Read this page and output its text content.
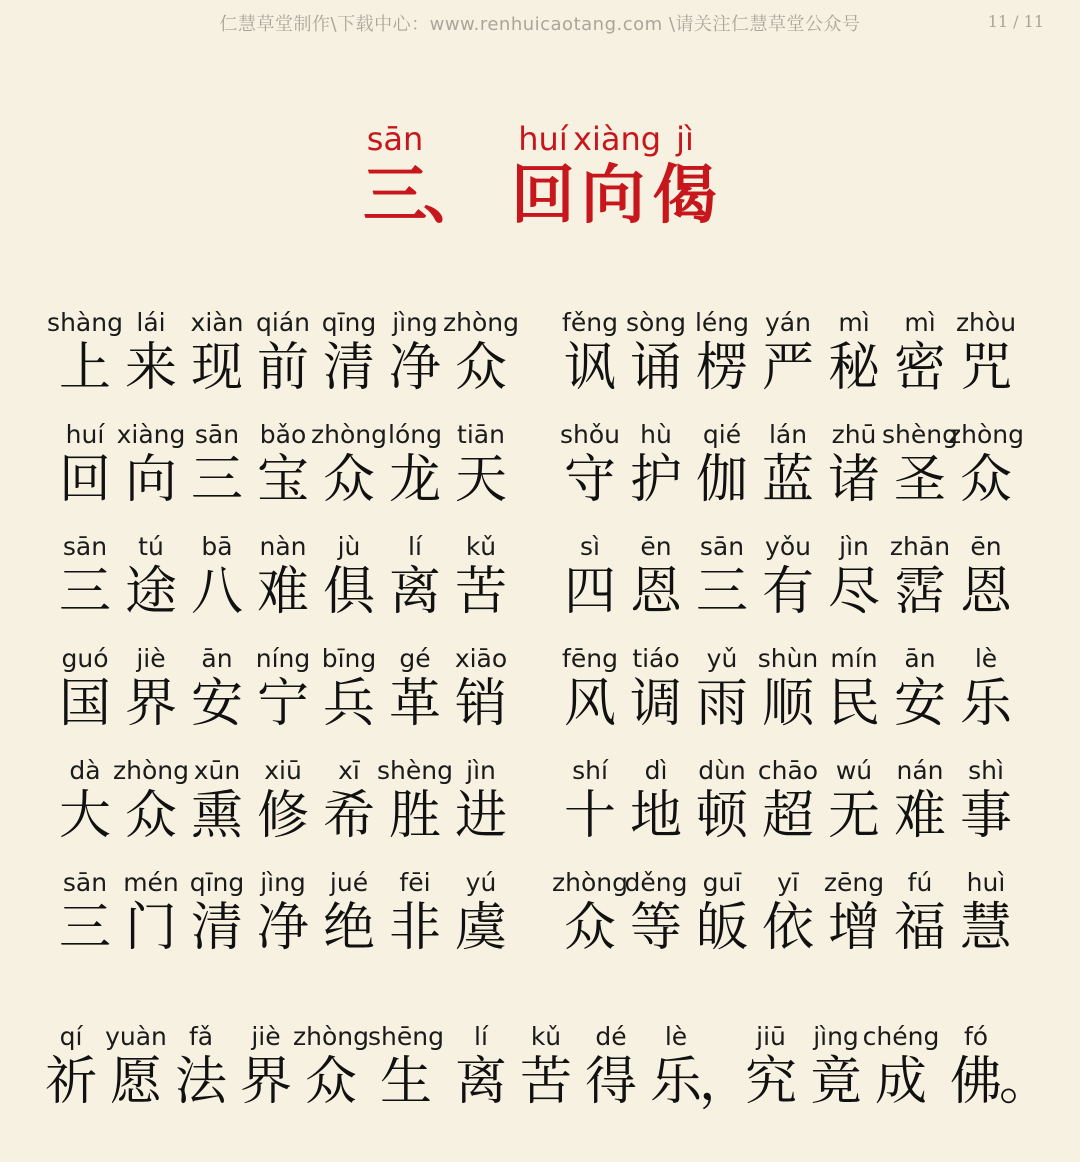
仁慧草堂制作\下载中心：www.renhuicaotang.com \请关注仁慧草堂公众号	11 / 11
sān
三
、
huí
回
xiàng
向
jì
偈
shàng
上
lái
来
xiàn
现
qián
前
qīng
清
jìng
净
zhòng
众
fěng
讽
sòng
诵
léng
楞
yán
严
mì
秘
mì
密
zhòu
咒
huí
回
xiàng
向
sān
三
bǎo
宝
zhòng
众
lóng
龙
tiān
天
shǒu
守
hù
护
qié
伽
lán
蓝
zhū
诸
shèng
圣
zhòng
众
sān
三
tú
途
bā
八
nàn
难
jù
俱
lí
离
kǔ
苦
sì
四
ēn
恩
sān
三
yǒu
有
jìn
尽
zhān
霑
ēn
恩
guó
国
jiè
界
ān
安
níng
宁
bīng
兵
gé
革
xiāo
销
fēng
风
tiáo
调
yǔ
雨
shùn
顺
mín
民
ān
安
lè
乐
dà
大
zhòng
众
xūn
熏
xiū
修
xī
希
shèng
胜
jìn
进
shí
十
dì
地
dùn
顿
chāo
超
wú
无
nán
难
shì
事
sān
三
mén
门
qīng
清
jìng
净
jué
绝
fēi
非
yú
虞
zhòng
众
děng
等
guī
皈
yī
依
zēng
增
fú
福
huì
慧
qí
祈
yuàn
愿
fǎ
法
jiè
界
zhòng
众
shēng
生
lí
离
kǔ
苦
dé
得
lè
乐
，
jiū
究
jìng
竟
chéng
成
fó
佛
。
